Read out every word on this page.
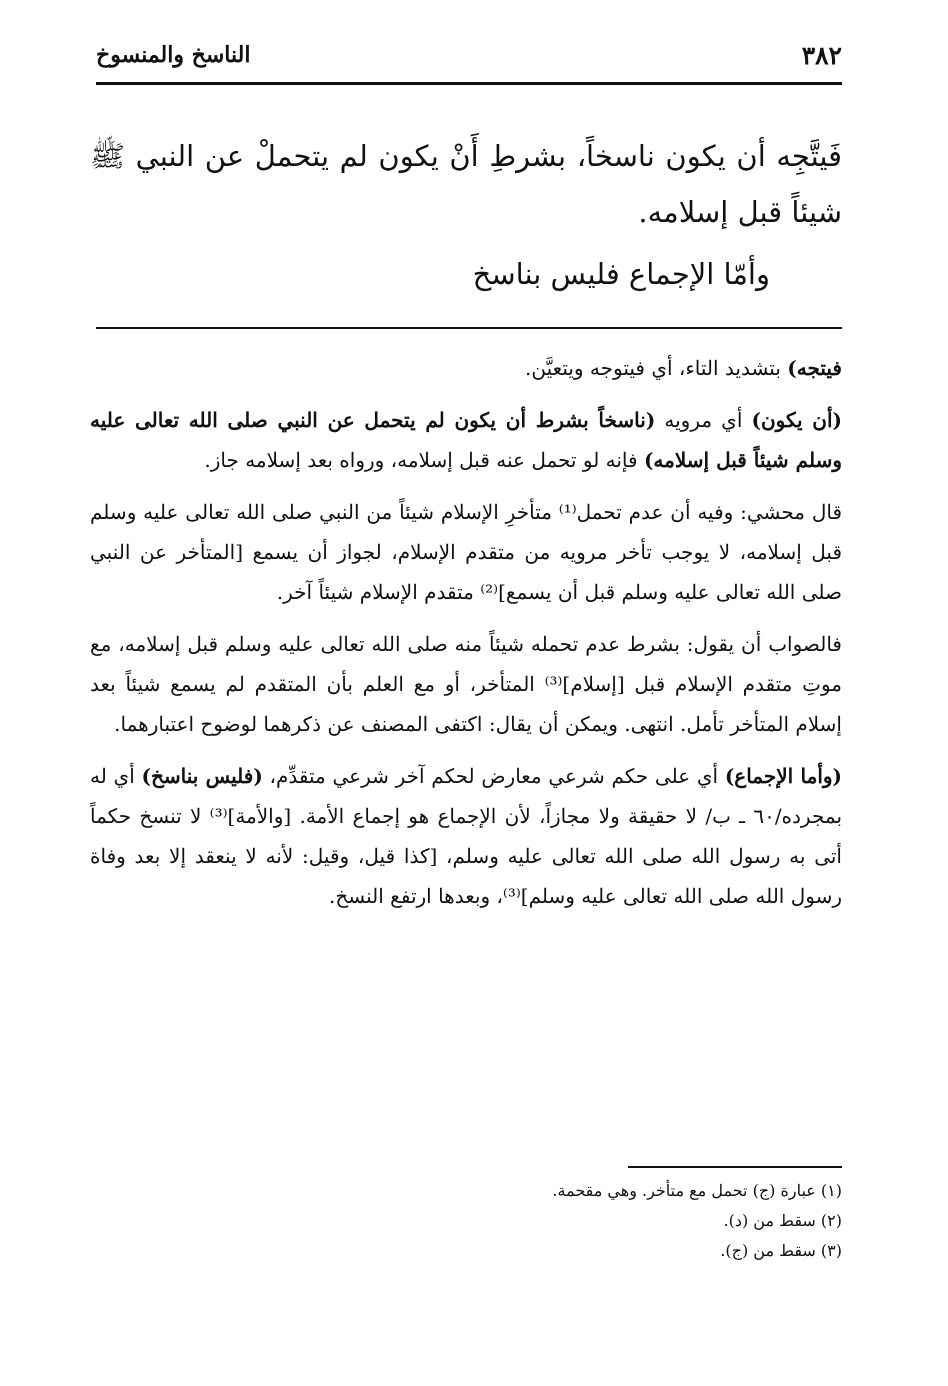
٣٨٢
الناسخ والمنسوخ

فَيتَّجِه أن يكون ناسخاً، بشرطِ أَنْ يكون لم يتحملْ عن النبي ﷺ شيئاً قبل إسلامه.

وأمّا الإجماع فليس بناسخ

فيتجه) بتشديد التاء، أي فيتوجه ويتعيَّن.

(أن يكون) أي مرويه (ناسخاً بشرط أن يكون لم يتحمل عن النبي صلى الله تعالى عليه وسلم شيئاً قبل إسلامه) فإنه لو تحمل عنه قبل إسلامه، ورواه بعد إسلامه جاز.

قال محشي: وفيه أن عدم تحمل⁽¹⁾ متأخرِ الإسلام شيئاً من النبي صلى الله تعالى عليه وسلم قبل إسلامه، لا يوجب تأخر مرويه من متقدم الإسلام، لجواز أن يسمع [المتأخر عن النبي صلى الله تعالى عليه وسلم قبل أن يسمع]⁽²⁾ متقدم الإسلام شيئاً آخر.

فالصواب أن يقول: بشرط عدم تحمله شيئاً منه صلى الله تعالى عليه وسلم قبل إسلامه، مع موتِ متقدم الإسلام قبل [إسلام]⁽³⁾ المتأخر، أو مع العلم بأن المتقدم لم يسمع شيئاً بعد إسلام المتأخر تأمل. انتهى. ويمكن أن يقال: اكتفى المصنف عن ذكرهما لوضوح اعتبارهما.

(وأما الإجماع) أي على حكم شرعي معارض لحكم آخر شرعي متقدِّم، (فليس بناسخ) أي له بمجرده/٦٠ ـ ب/ لا حقيقة ولا مجازاً، لأن الإجماع هو إجماع الأمة. [والأمة]⁽³⁾ لا تنسخ حكماً أتى به رسول الله صلى الله تعالى عليه وسلم، [كذا قيل، وقيل: لأنه لا ينعقد إلا بعد وفاة رسول الله صلى الله تعالى عليه وسلم]⁽³⁾، وبعدها ارتفع النسخ.

(١) عبارة (ج) تحمل مع متأخر. وهي مقحمة.
(٢) سقط من (د).
(٣) سقط من (ج).
